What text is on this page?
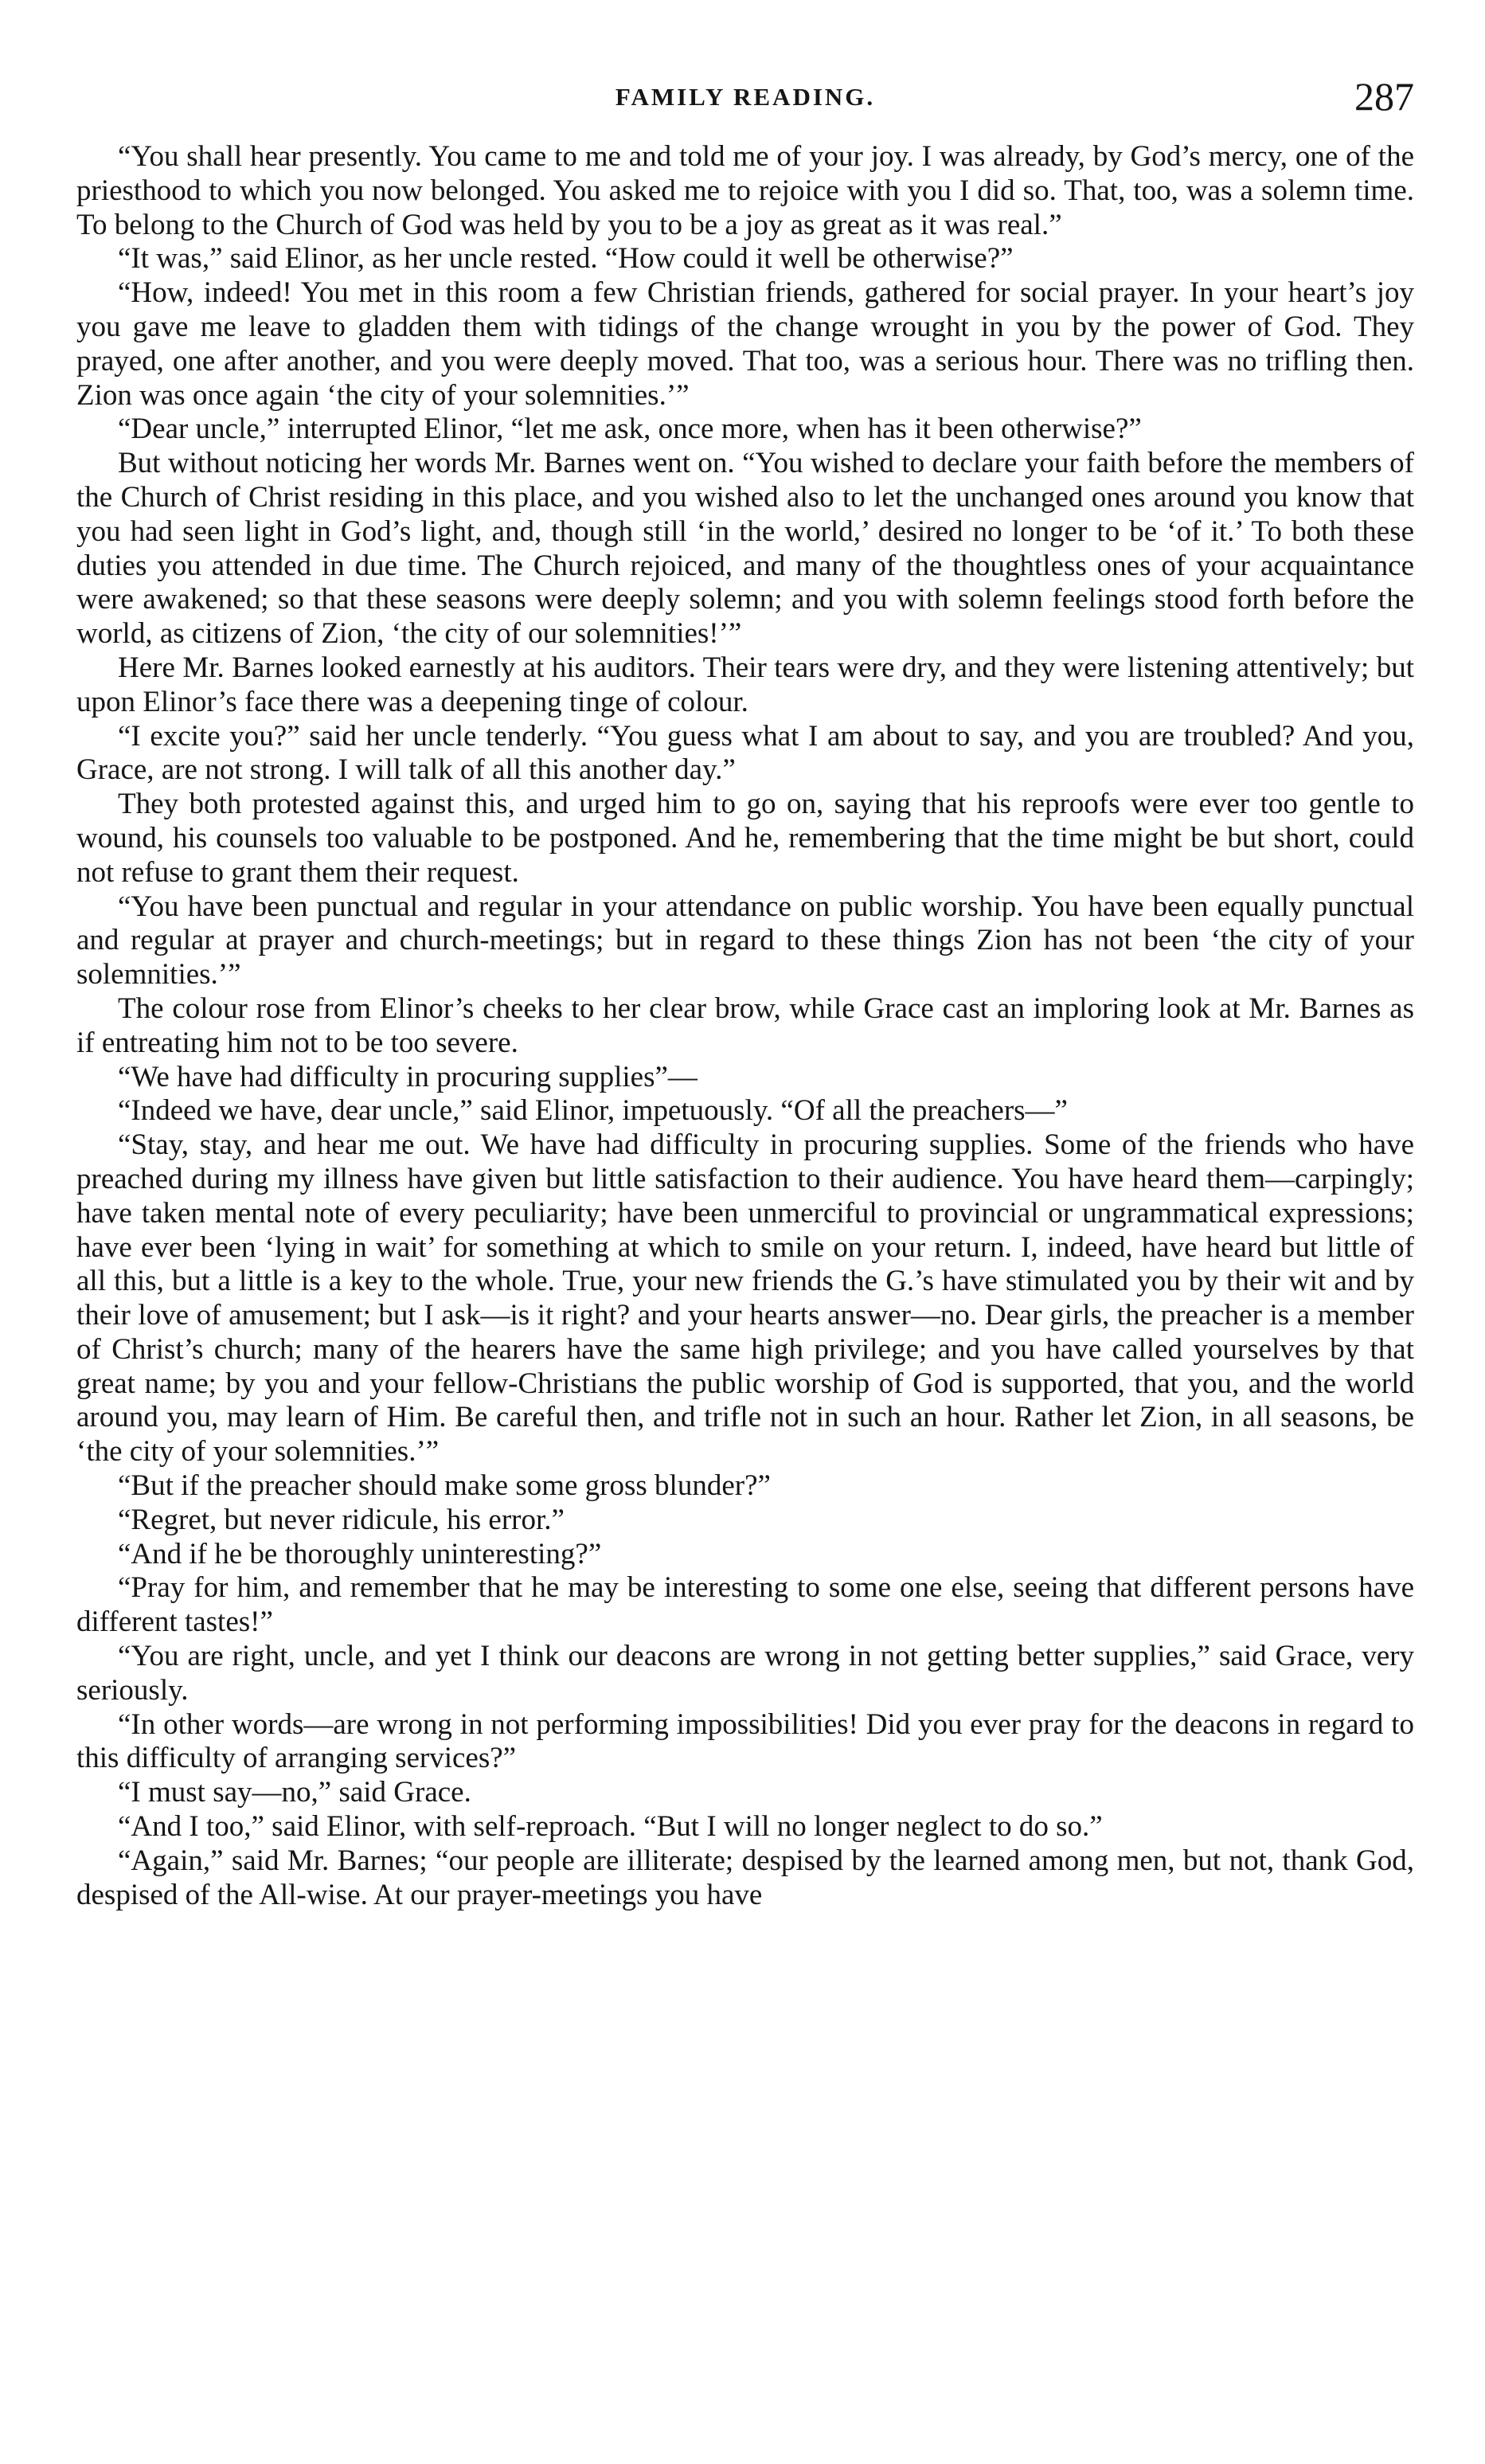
FAMILY READING.	287

“You shall hear presently. You came to me and told me of your joy. I was already, by God’s mercy, one of the priesthood to which you now belonged. You asked me to rejoice with you I did so. That, too, was a solemn time. To belong to the Church of God was held by you to be a joy as great as it was real.”

“It was,” said Elinor, as her uncle rested. “How could it well be otherwise?”

“How, indeed! You met in this room a few Christian friends, gathered for social prayer. In your heart’s joy you gave me leave to gladden them with tidings of the change wrought in you by the power of God. They prayed, one after another, and you were deeply moved. That too, was a serious hour. There was no trifling then. Zion was once again ‘the city of your solemnities.’”

“Dear uncle,” interrupted Elinor, “let me ask, once more, when has it been otherwise?”

But without noticing her words Mr. Barnes went on. “You wished to declare your faith before the members of the Church of Christ residing in this place, and you wished also to let the unchanged ones around you know that you had seen light in God’s light, and, though still ‘in the world,’ desired no longer to be ‘of it.’ To both these duties you attended in due time. The Church rejoiced, and many of the thoughtless ones of your acquaintance were awakened; so that these seasons were deeply solemn; and you with solemn feelings stood forth before the world, as citizens of Zion, ‘the city of our solemnities!’”

Here Mr. Barnes looked earnestly at his auditors. Their tears were dry, and they were listening attentively; but upon Elinor’s face there was a deepening tinge of colour.

“I excite you?” said her uncle tenderly. “You guess what I am about to say, and you are troubled? And you, Grace, are not strong. I will talk of all this another day.”

They both protested against this, and urged him to go on, saying that his reproofs were ever too gentle to wound, his counsels too valuable to be postponed. And he, remembering that the time might be but short, could not refuse to grant them their request.

“You have been punctual and regular in your attendance on public worship. You have been equally punctual and regular at prayer and church-meetings; but in regard to these things Zion has not been ‘the city of your solemnities.’”

The colour rose from Elinor’s cheeks to her clear brow, while Grace cast an imploring look at Mr. Barnes as if entreating him not to be too severe.

“We have had difficulty in procuring supplies”—

“Indeed we have, dear uncle,” said Elinor, impetuously. “Of all the preachers—”

“Stay, stay, and hear me out. We have had difficulty in procuring supplies. Some of the friends who have preached during my illness have given but little satisfaction to their audience. You have heard them—carpingly; have taken mental note of every peculiarity; have been unmerciful to provincial or ungrammatical expressions; have ever been ‘lying in wait’ for something at which to smile on your return. I, indeed, have heard but little of all this, but a little is a key to the whole. True, your new friends the G.’s have stimulated you by their wit and by their love of amusement; but I ask—is it right? and your hearts answer—no. Dear girls, the preacher is a member of Christ’s church; many of the hearers have the same high privilege; and you have called yourselves by that great name; by you and your fellow-Christians the public worship of God is supported, that you, and the world around you, may learn of Him. Be careful then, and trifle not in such an hour. Rather let Zion, in all seasons, be ‘the city of your solemnities.’”

“But if the preacher should make some gross blunder?”

“Regret, but never ridicule, his error.”

“And if he be thoroughly uninteresting?”

“Pray for him, and remember that he may be interesting to some one else, seeing that different persons have different tastes!”

“You are right, uncle, and yet I think our deacons are wrong in not getting better supplies,” said Grace, very seriously.

“In other words—are wrong in not performing impossibilities! Did you ever pray for the deacons in regard to this difficulty of arranging services?”

“I must say—no,” said Grace.

“And I too,” said Elinor, with self-reproach. “But I will no longer neglect to do so.”

“Again,” said Mr. Barnes; “our people are illiterate; despised by the learned among men, but not, thank God, despised of the All-wise. At our prayer-meetings you have
